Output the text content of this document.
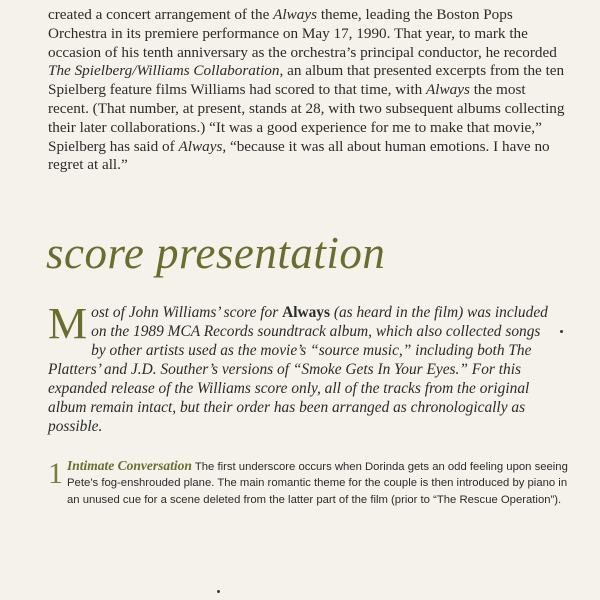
created a concert arrangement of the Always theme, leading the Boston Pops Orchestra in its premiere performance on May 17, 1990. That year, to mark the occasion of his tenth anniversary as the orchestra’s principal conductor, he recorded The Spielberg/Williams Collaboration, an album that presented excerpts from the ten Spielberg feature films Williams had scored to that time, with Always the most recent. (That number, at present, stands at 28, with two subsequent albums collecting their later collaborations.) “It was a good experience for me to make that movie,” Spielberg has said of Always, “because it was all about human emotions. I have no regret at all.”
score presentation
Most of John Williams’ score for Always (as heard in the film) was included on the 1989 MCA Records soundtrack album, which also collected songs by other artists used as the movie’s “source music,” including both The Platters’ and J.D. Souther’s versions of “Smoke Gets In Your Eyes.” For this expanded release of the Williams score only, all of the tracks from the original album remain intact, but their order has been arranged as chronologically as possible.
1 Intimate Conversation The first underscore occurs when Dorinda gets an odd feeling upon seeing Pete’s fog-enshrouded plane. The main romantic theme for the couple is then introduced by piano in an unused cue for a scene deleted from the latter part of the film (prior to “The Rescue Operation”).
